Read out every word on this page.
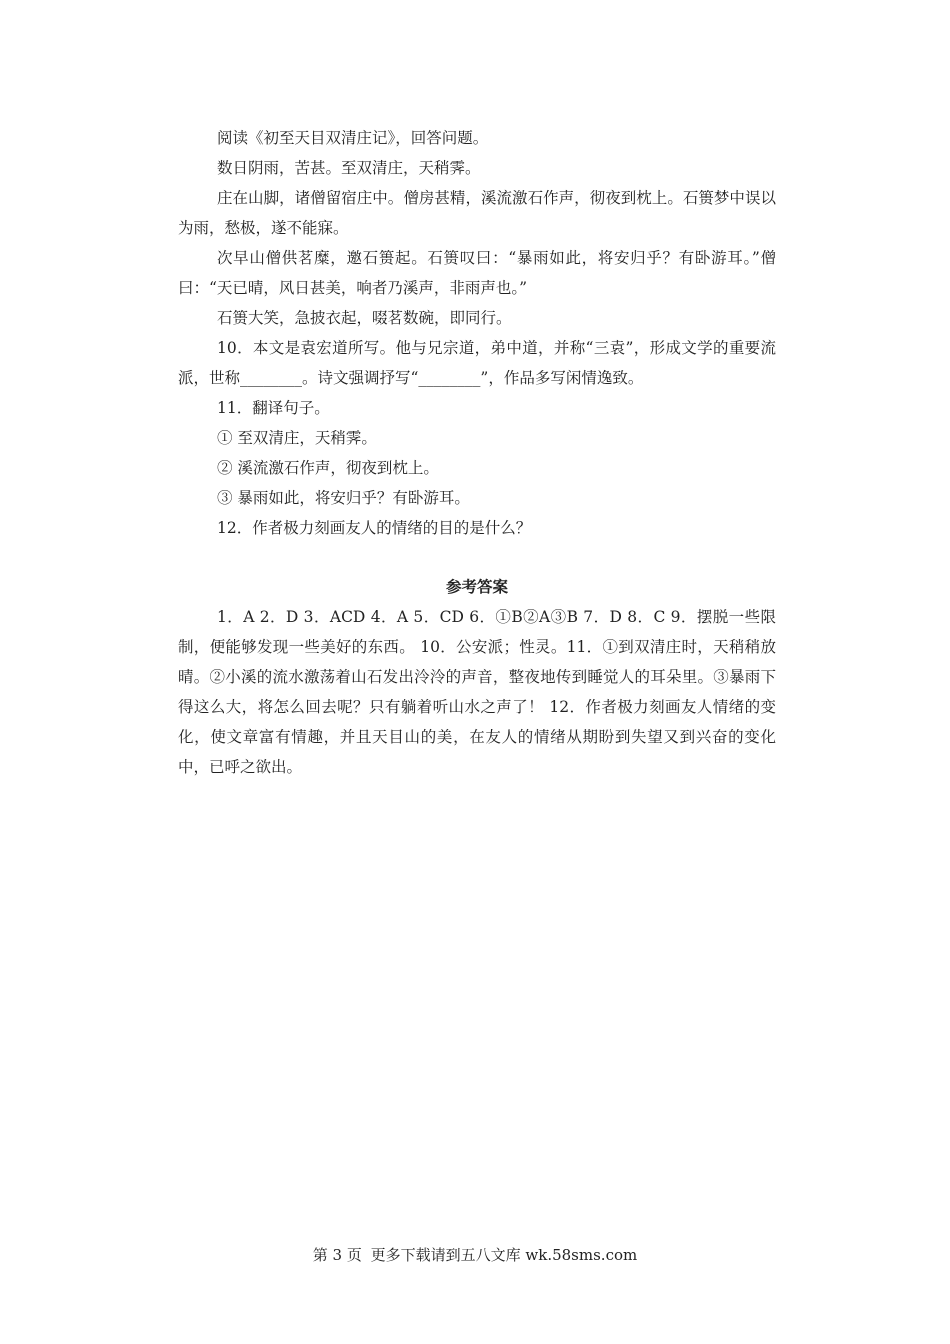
阅读《初至天目双清庄记》，回答问题。

数日阴雨，苦甚。至双清庄，天稍霁。

庄在山脚，诸僧留宿庄中。僧房甚精，溪流激石作声，彻夜到枕上。石篑梦中误以为雨，愁极，遂不能寐。

次早山僧供茗糜，邀石篑起。石篑叹曰：“暴雨如此，将安归乎？有卧游耳。”僧曰：“天已晴，风日甚美，响者乃溪声，非雨声也。”

石篑大笑，急披衣起，啜茗数碗，即同行。

10．本文是袁宏道所写。他与兄宗道，弟中道，并称“三袁”，形成文学的重要流派，世称________。诗文强调抒写“________”，作品多写闲情逸致。

11．翻译句子。

① 至双清庄，天稍霁。

② 溪流激石作声，彻夜到枕上。

③ 暴雨如此，将安归乎？有卧游耳。

12．作者极力刻画友人的情绪的目的是什么？

参考答案

1．A 2．D 3．ACD 4．A 5．CD 6．①B②A③B 7．D 8．C 9．摆脱一些限制，便能够发现一些美好的东西。 10．公安派；性灵。11．①到双清庄时，天稍稍放晴。②小溪的流水激荡着山石发出泠泠的声音，整夜地传到睡觉人的耳朵里。③暴雨下得这么大，将怎么回去呢？只有躺着听山水之声了！ 12．作者极力刻画友人情绪的变化，使文章富有情趣，并且天目山的美，在友人的情绪从期盼到失望又到兴奋的变化中，已呼之欲出。

第 3 页 更多下载请到五八文库 wk.58sms.com
